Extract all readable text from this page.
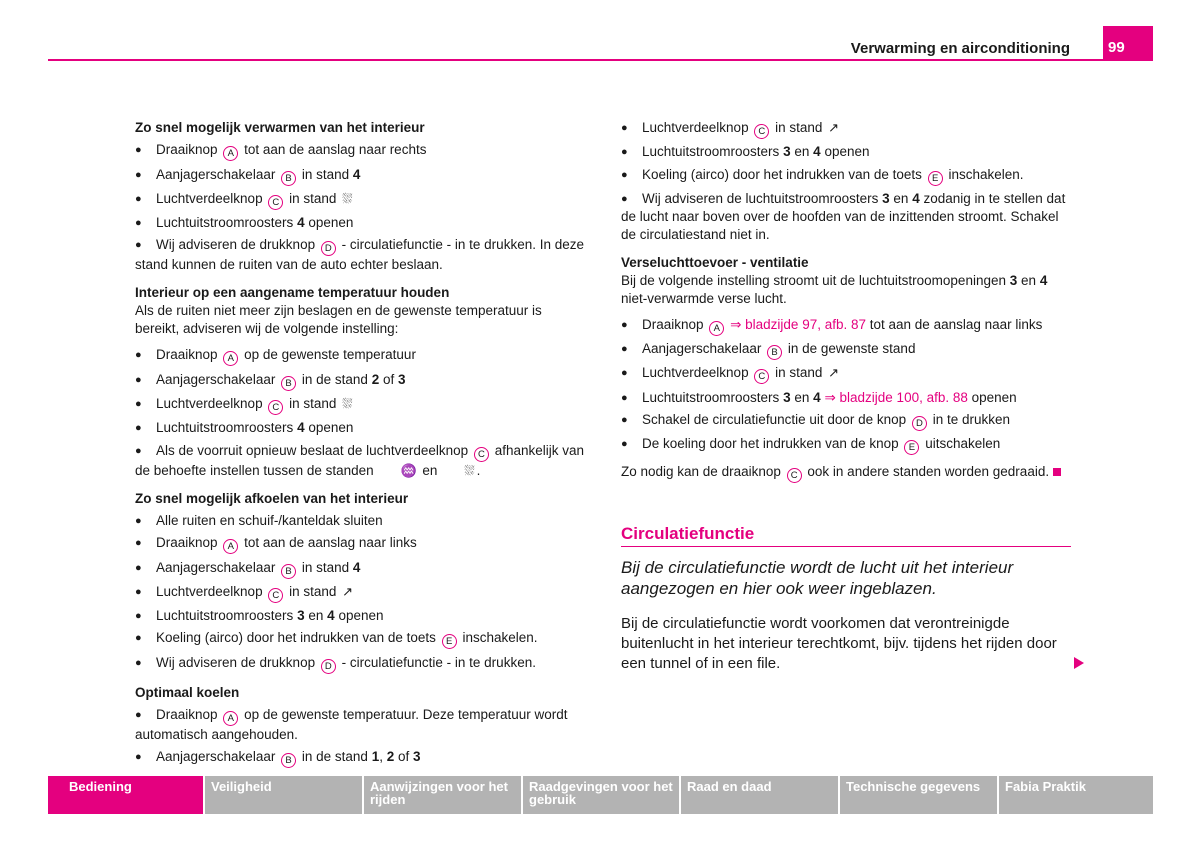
Verwarming en airconditioning	99

Zo snel mogelijk verwarmen van het interieur

● Draaiknop A tot aan de aanslag naar rechts

● Aanjagerschakelaar B in stand 4

● Luchtverdeelknop C in stand ⛆

● Luchtuitstroomroosters 4 openen

● Wij adviseren de drukknop D - circulatiefunctie - in te drukken. In deze stand kunnen de ruiten van de auto echter beslaan.

Interieur op een aangename temperatuur houden

Als de ruiten niet meer zijn beslagen en de gewenste temperatuur is bereikt, adviseren wij de volgende instelling:

● Draaiknop A op de gewenste temperatuur

● Aanjagerschakelaar B in de stand 2 of 3

● Luchtverdeelknop C in stand ⛆

● Luchtuitstroomroosters 4 openen

● Als de voorruit opnieuw beslaat de luchtverdeelknop C afhankelijk van de behoefte instellen tussen de standen ♒ en ⛆ .

Zo snel mogelijk afkoelen van het interieur

● Alle ruiten en schuif-/kanteldak sluiten

● Draaiknop A tot aan de aanslag naar links

● Aanjagerschakelaar B in stand 4

● Luchtverdeelknop C in stand ↗

● Luchtuitstroomroosters 3 en 4 openen

● Koeling (airco) door het indrukken van de toets E inschakelen.

● Wij adviseren de drukknop D - circulatiefunctie - in te drukken.

Optimaal koelen

● Draaiknop A op de gewenste temperatuur. Deze temperatuur wordt automatisch aangehouden.

● Aanjagerschakelaar B in de stand 1, 2 of 3

● Luchtverdeelknop C in stand ↗

● Luchtuitstroomroosters 3 en 4 openen

● Koeling (airco) door het indrukken van de toets E inschakelen.

● Wij adviseren de luchtuitstroomroosters 3 en 4 zodanig in te stellen dat de lucht naar boven over de hoofden van de inzittenden stroomt. Schakel de circulatiestand niet in.

Verseluchttoevoer - ventilatie

Bij de volgende instelling stroomt uit de luchtuitstroomopeningen 3 en 4 niet-verwarmde verse lucht.

● Draaiknop A ⇒ bladzijde 97, afb. 87 tot aan de aanslag naar links

● Aanjagerschakelaar B in de gewenste stand

● Luchtverdeelknop C in stand ↗

● Luchtuitstroomroosters 3 en 4 ⇒ bladzijde 100, afb. 88 openen

● Schakel de circulatiefunctie uit door de knop D in te drukken

● De koeling door het indrukken van de knop E uitschakelen

Zo nodig kan de draaiknop C ook in andere standen worden gedraaid.

Circulatiefunctie
Bij de circulatiefunctie wordt de lucht uit het interieur aangezogen en hier ook weer ingeblazen.
Bij de circulatiefunctie wordt voorkomen dat verontreinigde buitenlucht in het interieur terechtkomt, bijv. tijdens het rijden door een tunnel of in een file.
Bediening	Veiligheid	Aanwijzingen voor het rijden
Raadgevingen voor het gebruik
Raad en daad	Technische gegevens	Fabia Praktik
